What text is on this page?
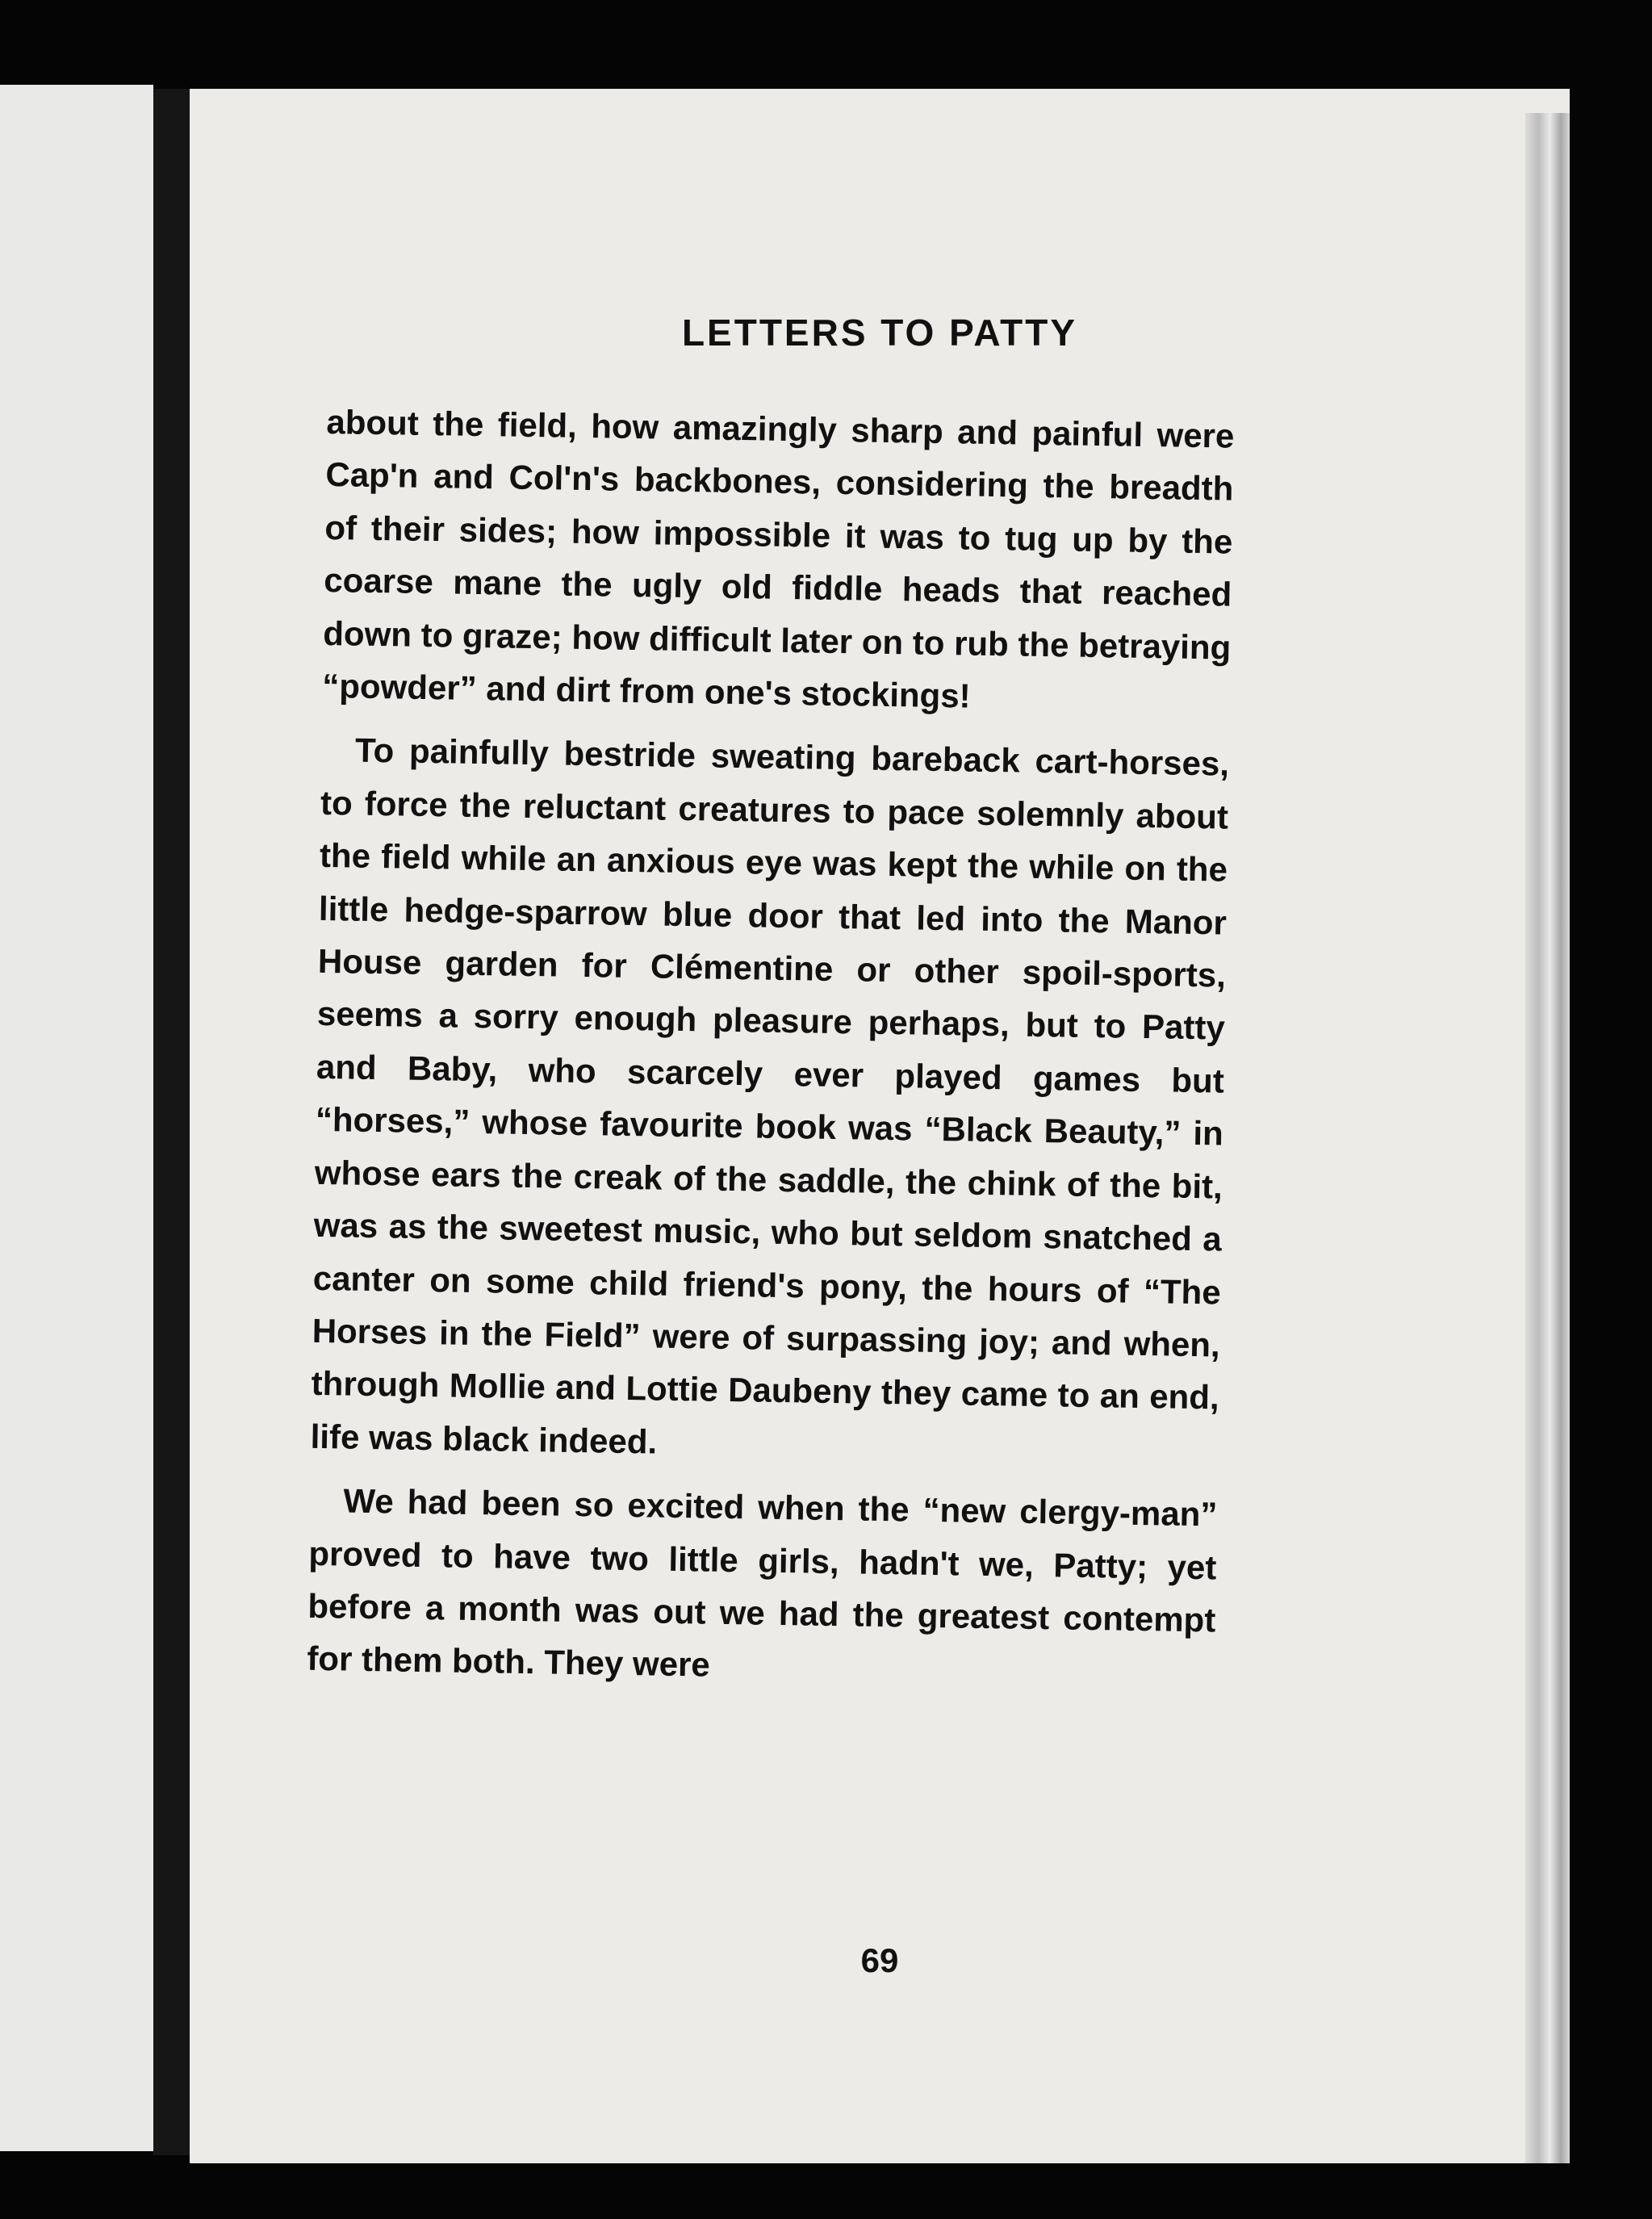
LETTERS TO PATTY

about the field, how amazingly sharp and painful were Cap'n and Col'n's backbones, considering the breadth of their sides; how impossible it was to tug up by the coarse mane the ugly old fiddle heads that reached down to graze; how difficult later on to rub the betraying “powder” and dirt from one's stockings!

To painfully bestride sweating bareback cart-horses, to force the reluctant creatures to pace solemnly about the field while an anxious eye was kept the while on the little hedge-sparrow blue door that led into the Manor House garden for Clémentine or other spoil-sports, seems a sorry enough pleasure perhaps, but to Patty and Baby, who scarcely ever played games but “horses,” whose favourite book was “Black Beauty,” in whose ears the creak of the saddle, the chink of the bit, was as the sweetest music, who but seldom snatched a canter on some child friend's pony, the hours of “The Horses in the Field” were of surpassing joy; and when, through Mollie and Lottie Daubeny they came to an end, life was black indeed.

We had been so excited when the “new clergy-man” proved to have two little girls, hadn't we, Patty; yet before a month was out we had the greatest contempt for them both. They were

69
